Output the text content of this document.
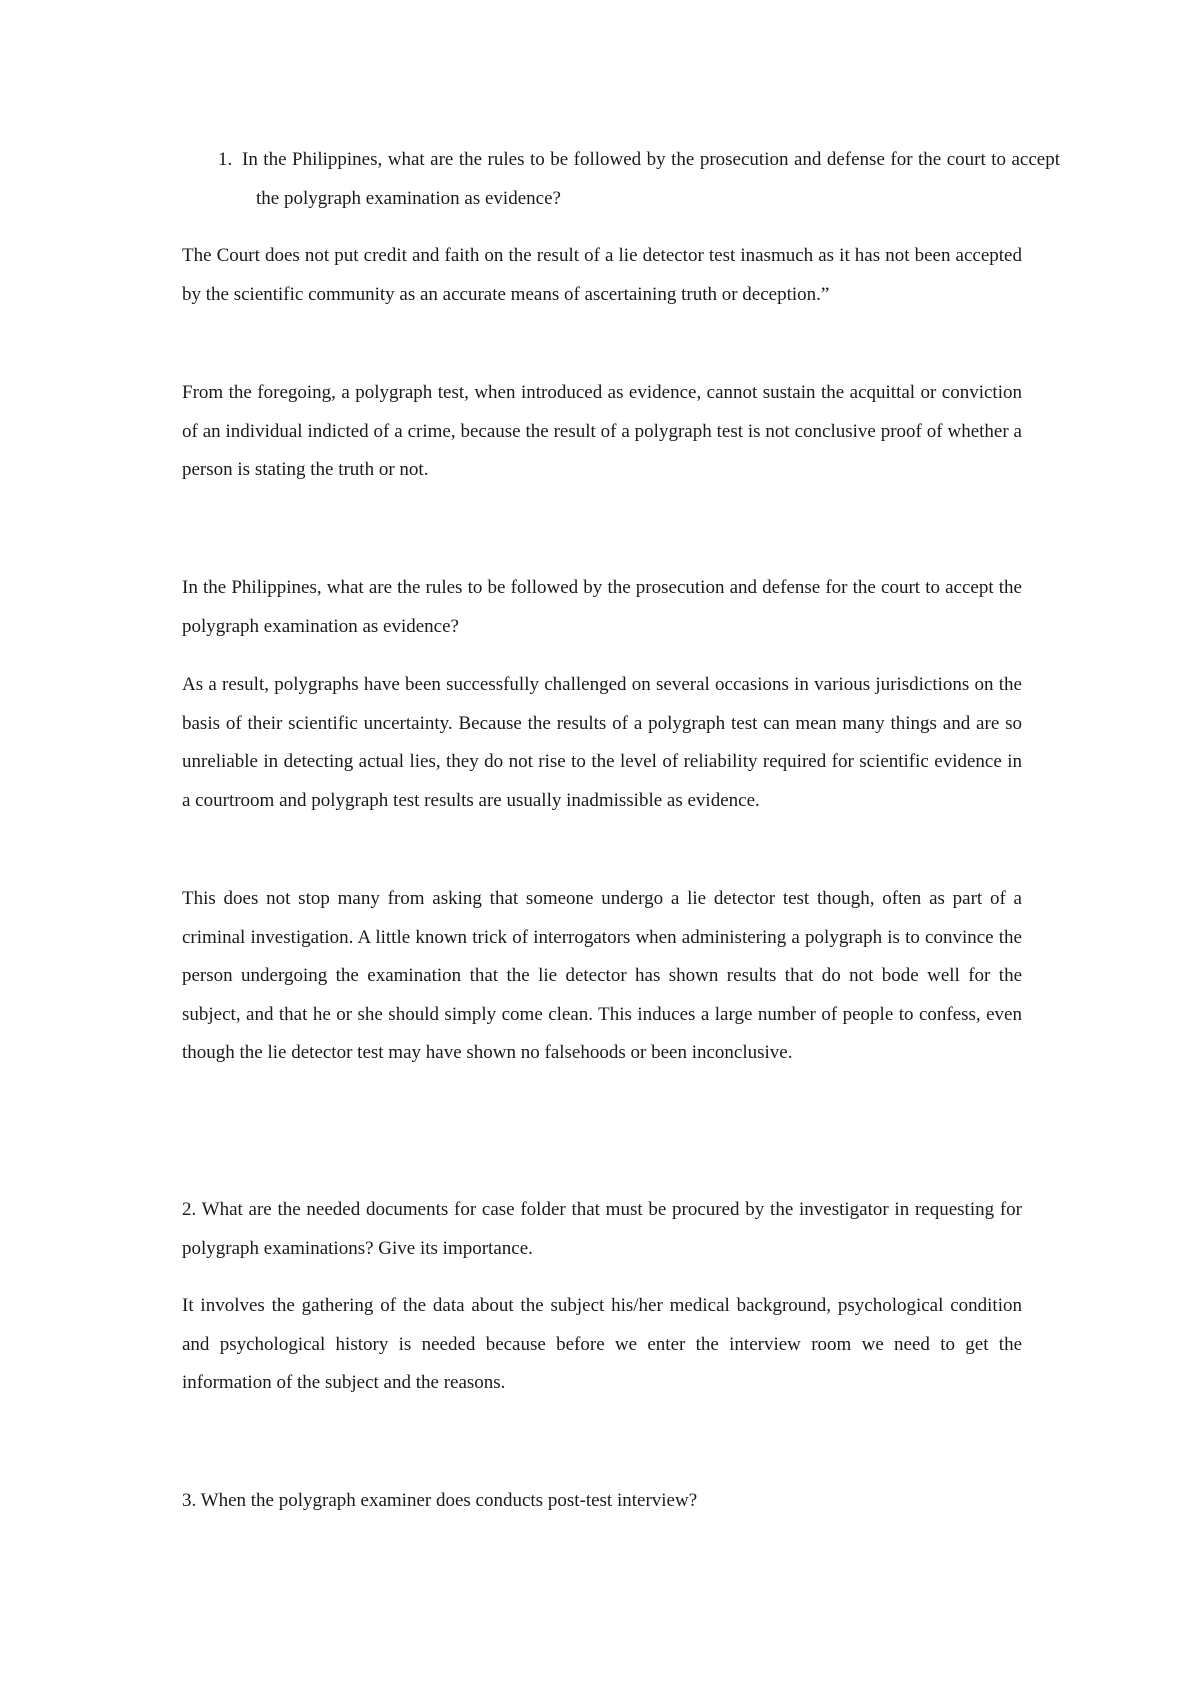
1. In the Philippines, what are the rules to be followed by the prosecution and defense for the court to accept the polygraph examination as evidence?

The Court does not put credit and faith on the result of a lie detector test inasmuch as it has not been accepted by the scientific community as an accurate means of ascertaining truth or deception.”

From the foregoing, a polygraph test, when introduced as evidence, cannot sustain the acquittal or conviction of an individual indicted of a crime, because the result of a polygraph test is not conclusive proof of whether a person is stating the truth or not.

In the Philippines, what are the rules to be followed by the prosecution and defense for the court to accept the polygraph examination as evidence?

As a result, polygraphs have been successfully challenged on several occasions in various jurisdictions on the basis of their scientific uncertainty. Because the results of a polygraph test can mean many things and are so unreliable in detecting actual lies, they do not rise to the level of reliability required for scientific evidence in a courtroom and polygraph test results are usually inadmissible as evidence.

This does not stop many from asking that someone undergo a lie detector test though, often as part of a criminal investigation. A little known trick of interrogators when administering a polygraph is to convince the person undergoing the examination that the lie detector has shown results that do not bode well for the subject, and that he or she should simply come clean. This induces a large number of people to confess, even though the lie detector test may have shown no falsehoods or been inconclusive.

2. What are the needed documents for case folder that must be procured by the investigator in requesting for polygraph examinations? Give its importance.

It involves the gathering of the data about the subject his/her medical background, psychological condition and psychological history is needed because before we enter the interview room we need to get the information of the subject and the reasons.

3. When the polygraph examiner does conducts post-test interview?
